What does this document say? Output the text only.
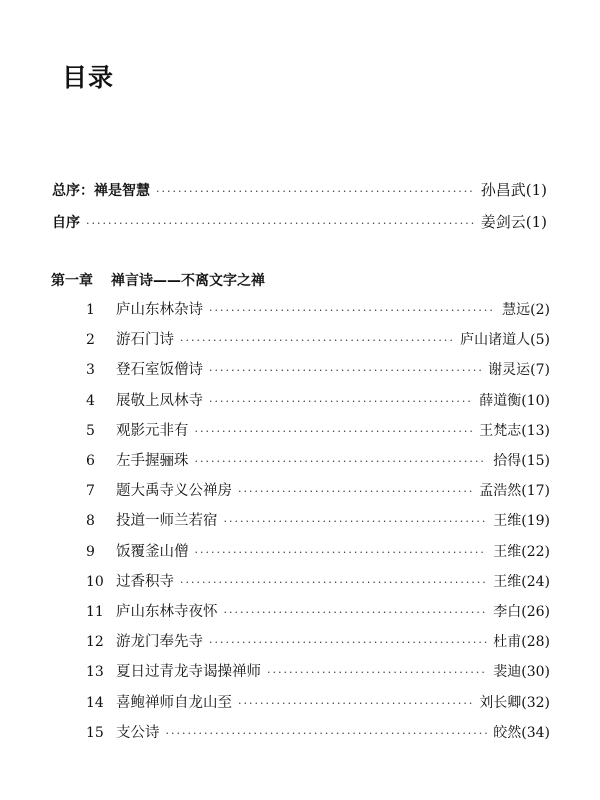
目录
总序：禅是智慧 ·····	孙昌武 (1)
自序 ·····	姜剑云 (1)
第一章 禅言诗——不离文字之禅
1	庐山东林杂诗 ·····	慧远 (2)
2	游石门诗 ·····	庐山诸道人 (5)
3	登石室饭僧诗 ·····	谢灵运 (7)
4	展敬上凤林寺 ·····	薛道衡 (10)
5	观影元非有 ·····	王梵志 (13)
6	左手握骊珠 ·····	拾得 (15)
7	题大禹寺义公禅房 ·····	孟浩然 (17)
8	投道一师兰若宿 ·····	王维 (19)
9	饭覆釜山僧 ·····	王维 (22)
10 过香积寺 ·····	王维 (24)
11 庐山东林寺夜怀 ·····	李白 (26)
12 游龙门奉先寺 ·····	杜甫 (28)
13 夏日过青龙寺谒操禅师 ·····	裴迪 (30)
14 喜鲍禅师自龙山至 ·····	刘长卿 (32)
15 支公诗 ·····	皎然 (34)
